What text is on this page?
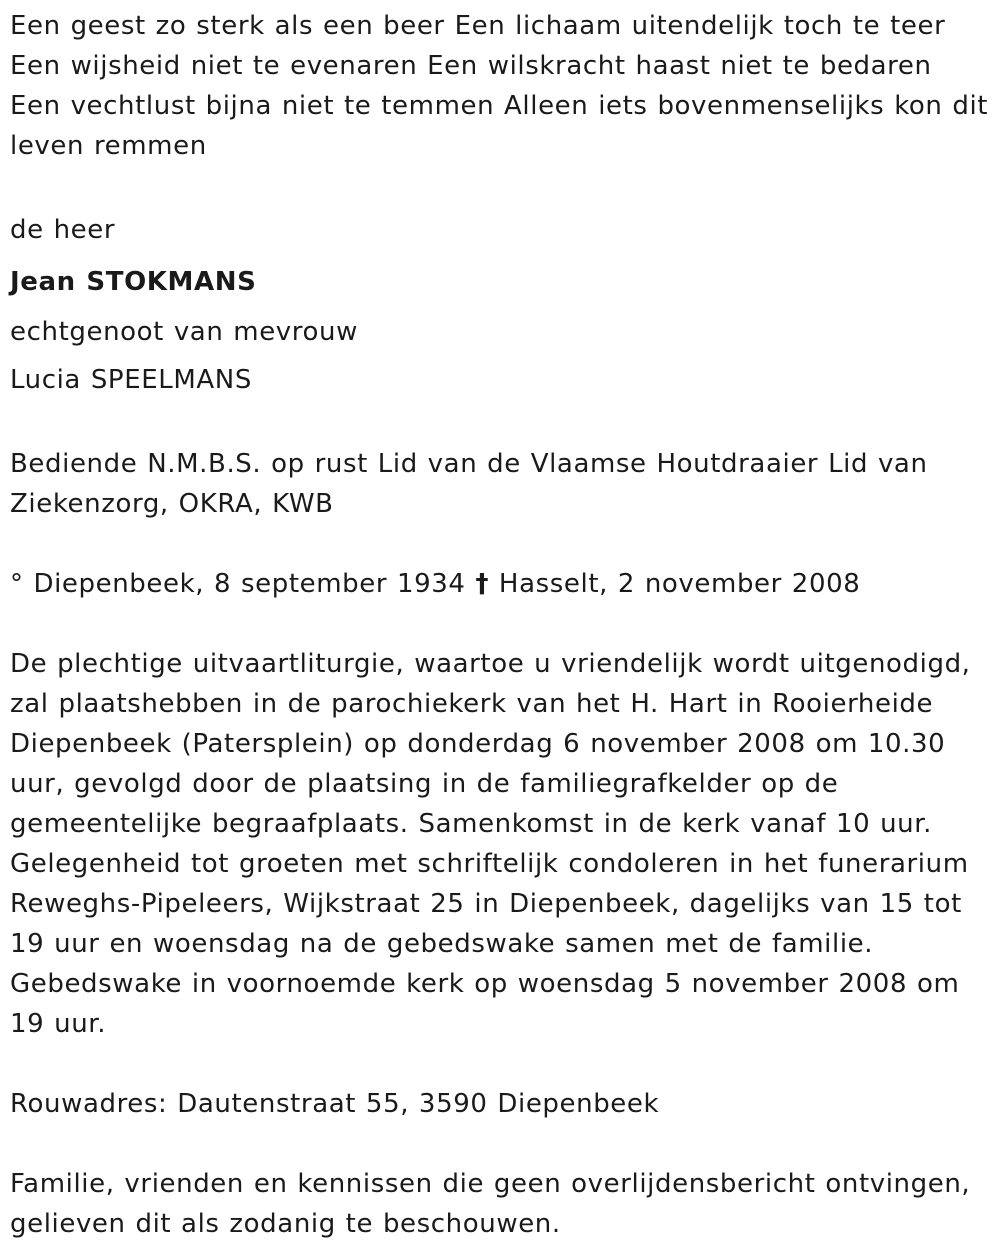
Een geest zo sterk als een beer Een lichaam uitendelijk toch te teer Een wijsheid niet te evenaren Een wilskracht haast niet te bedaren Een vechtlust bijna niet te temmen Alleen iets bovenmenselijks kon dit leven remmen

de heer

Jean STOKMANS

echtgenoot van mevrouw

Lucia SPEELMANS

Bediende N.M.B.S. op rust Lid van de Vlaamse Houtdraaier Lid van Ziekenzorg, OKRA, KWB

° Diepenbeek, 8 september 1934 † Hasselt, 2 november 2008

De plechtige uitvaartliturgie, waartoe u vriendelijk wordt uitgenodigd, zal plaatshebben in de parochiekerk van het H. Hart in Rooierheide Diepenbeek (Patersplein) op donderdag 6 november 2008 om 10.30 uur, gevolgd door de plaatsing in de familiegrafkelder op de gemeentelijke begraafplaats. Samenkomst in de kerk vanaf 10 uur. Gelegenheid tot groeten met schriftelijk condoleren in het funerarium Reweghs-Pipeleers, Wijkstraat 25 in Diepenbeek, dagelijks van 15 tot 19 uur en woensdag na de gebedswake samen met de familie. Gebedswake in voornoemde kerk op woensdag 5 november 2008 om 19 uur.

Rouwadres: Dautenstraat 55, 3590 Diepenbeek

Familie, vrienden en kennissen die geen overlijdensbericht ontvingen, gelieven dit als zodanig te beschouwen.
